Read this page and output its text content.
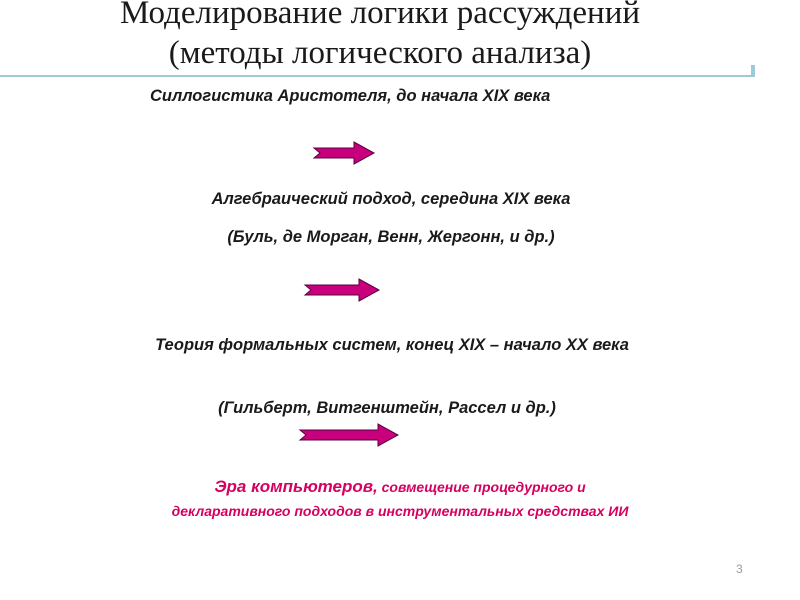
Моделирование логики рассуждений
(методы логического анализа)
Силлогистика Аристотеля, до начала XIX века
Алгебраический подход, cередина XIX века
(Буль, де Морган, Венн, Жергонн, и др.)
Теория формальных систем, конец XIX – начало XX века
(Гильберт, Витгенштейн, Рассел и др.)
Эра компьютеров, совмещение процедурного и
декларативного подходов в инструментальных средствах ИИ
3
